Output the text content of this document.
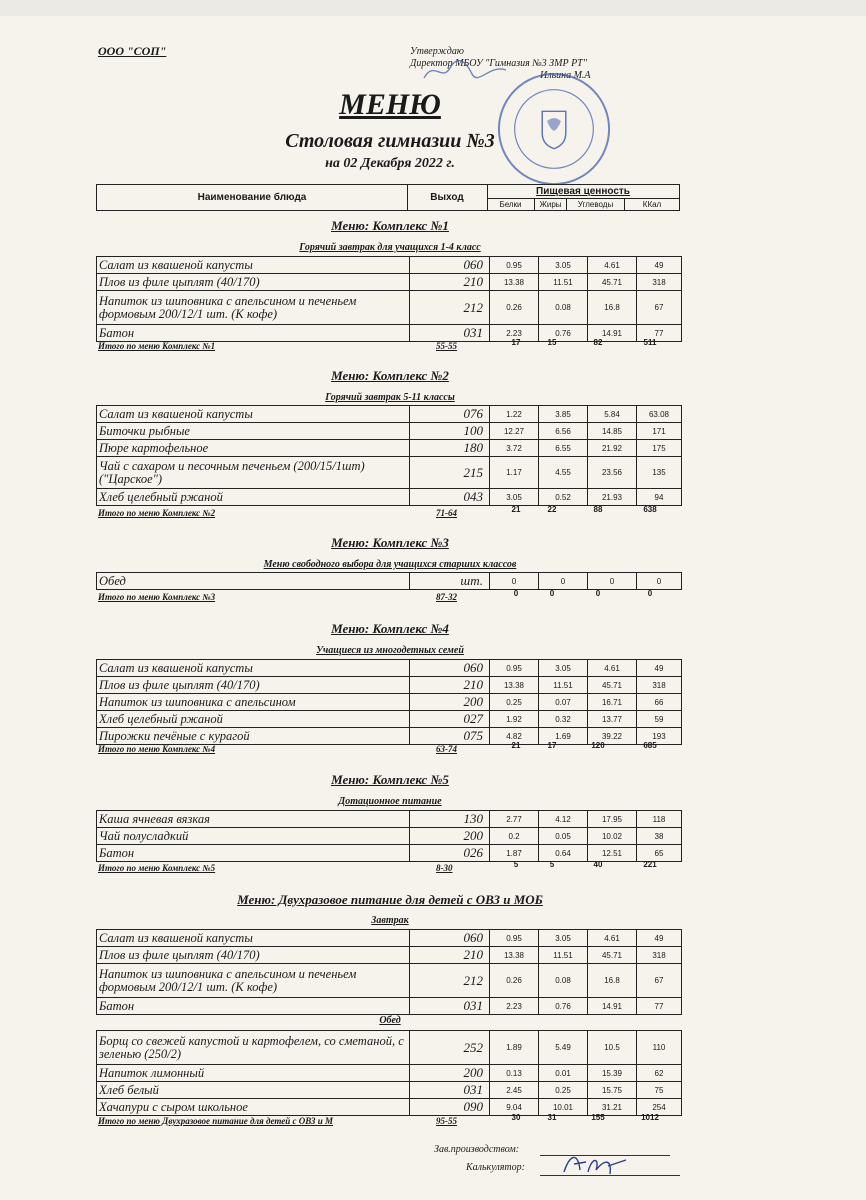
ООО "СОП"	Утверждаю
Директор МБОУ "Гимназия №3 ЗМР РТ"
Ильина М.А
МЕНЮ
Столовая гимназии №3
на 02 Декабря 2022 г.
Наименование блюда	Выход
Пищевая ценность
Белки	Жиры	Углеводы	ККал
Меню: Комплекс №1
Горячий завтрак для учащихся 1-4 класс
Салат из квашеной капусты	060	0.95	3.05	4.61	49
Плов из филе цыплят (40/170)	210	13.38	11.51	45.71	318
Напиток из шиповника с апельсином и печеньем формовым 200/12/1 шт. (К кофе)	212	0.26	0.08	16.8	67
Батон	031	2.23	0.76	14.91	77
Итого по меню Комплекс №1	55-55	17	15	82	511
Меню: Комплекс №2
Горячий завтрак 5-11 классы
Салат из квашеной капусты	076	1.22	3.85	5.84	63.08
Биточки рыбные	100	12.27	6.56	14.85	171
Пюре картофельное	180	3.72	6.55	21.92	175
Чай с сахаром и песочным печеньем (200/15/1шт) ("Царское")	215	1.17	4.55	23.56	135
Хлеб целебный ржаной	043	3.05	0.52	21.93	94
Итого по меню Комплекс №2	71-64	21	22	88	638
Меню: Комплекс №3
Меню свободного выбора для учащихся старших классов
Обед	шт.	0	0	0	0
Итого по меню Комплекс №3	87-32	0	0	0	0
Меню: Комплекс №4
Учащиеся из многодетных семей
Салат из квашеной капусты	060	0.95	3.05	4.61	49
Плов из филе цыплят (40/170)	210	13.38	11.51	45.71	318
Напиток из шиповника с апельсином	200	0.25	0.07	16.71	66
Хлеб целебный ржаной	027	1.92	0.32	13.77	59
Пирожки печёные с курагой	075	4.82	1.69	39.22	193
Итого по меню Комплекс №4	63-74	21	17	120	685
Меню: Комплекс №5
Дотационное питание
Каша ячневая вязкая	130	2.77	4.12	17.95	118
Чай полусладкий	200	0.2	0.05	10.02	38
Батон	026	1.87	0.64	12.51	65
Итого по меню Комплекс №5	8-30	5	5	40	221
Меню: Двухразовое питание для детей с ОВЗ и МОБ
Завтрак
Салат из квашеной капусты	060	0.95	3.05	4.61	49
Плов из филе цыплят (40/170)	210	13.38	11.51	45.71	318
Напиток из шиповника с апельсином и печеньем формовым 200/12/1 шт. (К кофе)	212	0.26	0.08	16.8	67
Батон	031	2.23	0.76	14.91	77
Обед
Борщ со свежей капустой и картофелем, со сметаной, с зеленью (250/2)	252	1.89	5.49	10.5	110
Напиток лимонный	200	0.13	0.01	15.39	62
Хлеб белый	031	2.45	0.25	15.75	75
Хачапури с сыром школьное	090	9.04	10.01	31.21	254
Итого по меню Двухразовое питание для детей с ОВЗ и М	95-55	30	31	155	1012
Зав.производством:
Калькулятор:
